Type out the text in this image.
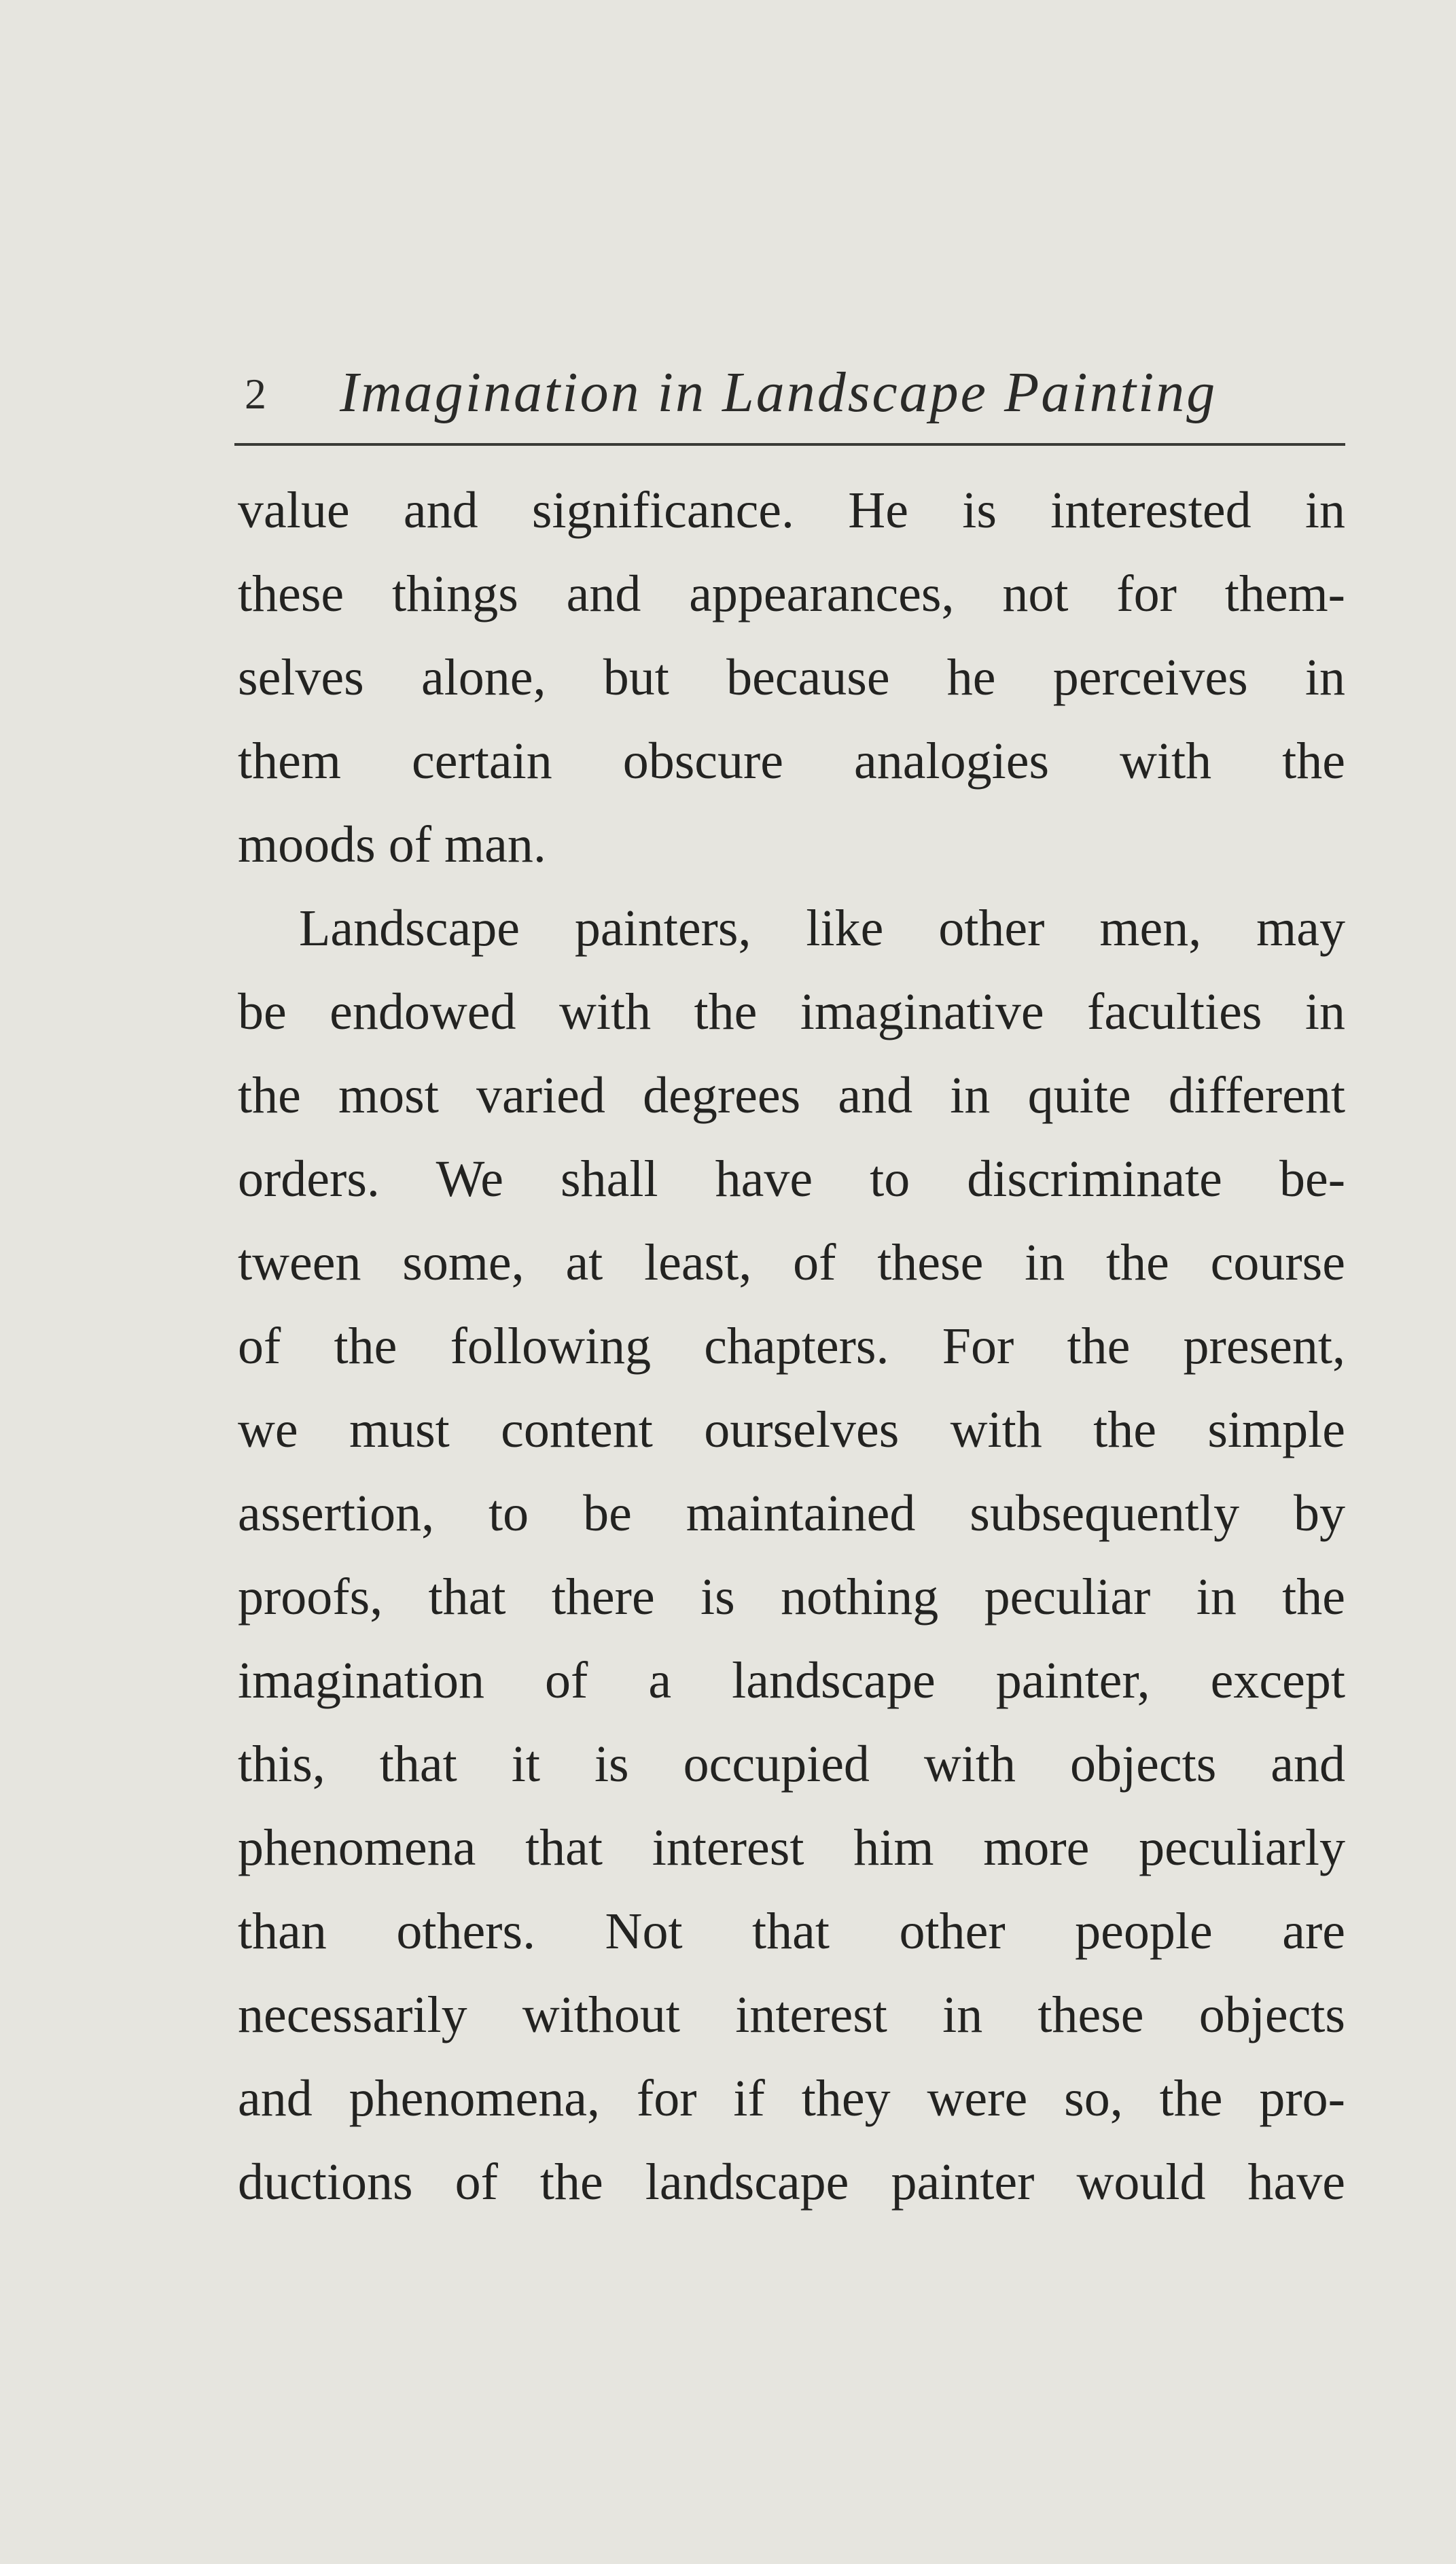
2 Imagination in Landscape Painting
value and significance. He is interested in
these things and appearances, not for them-
selves alone, but because he perceives in
them certain obscure analogies with the
moods of man.
Landscape painters, like other men, may
be endowed with the imaginative faculties in
the most varied degrees and in quite different
orders. We shall have to discriminate be-
tween some, at least, of these in the course
of the following chapters. For the present,
we must content ourselves with the simple
assertion, to be maintained subsequently by
proofs, that there is nothing peculiar in the
imagination of a landscape painter, except
this, that it is occupied with objects and
phenomena that interest him more peculiarly
than others. Not that other people are
necessarily without interest in these objects
and phenomena, for if they were so, the pro-
ductions of the landscape painter would have
